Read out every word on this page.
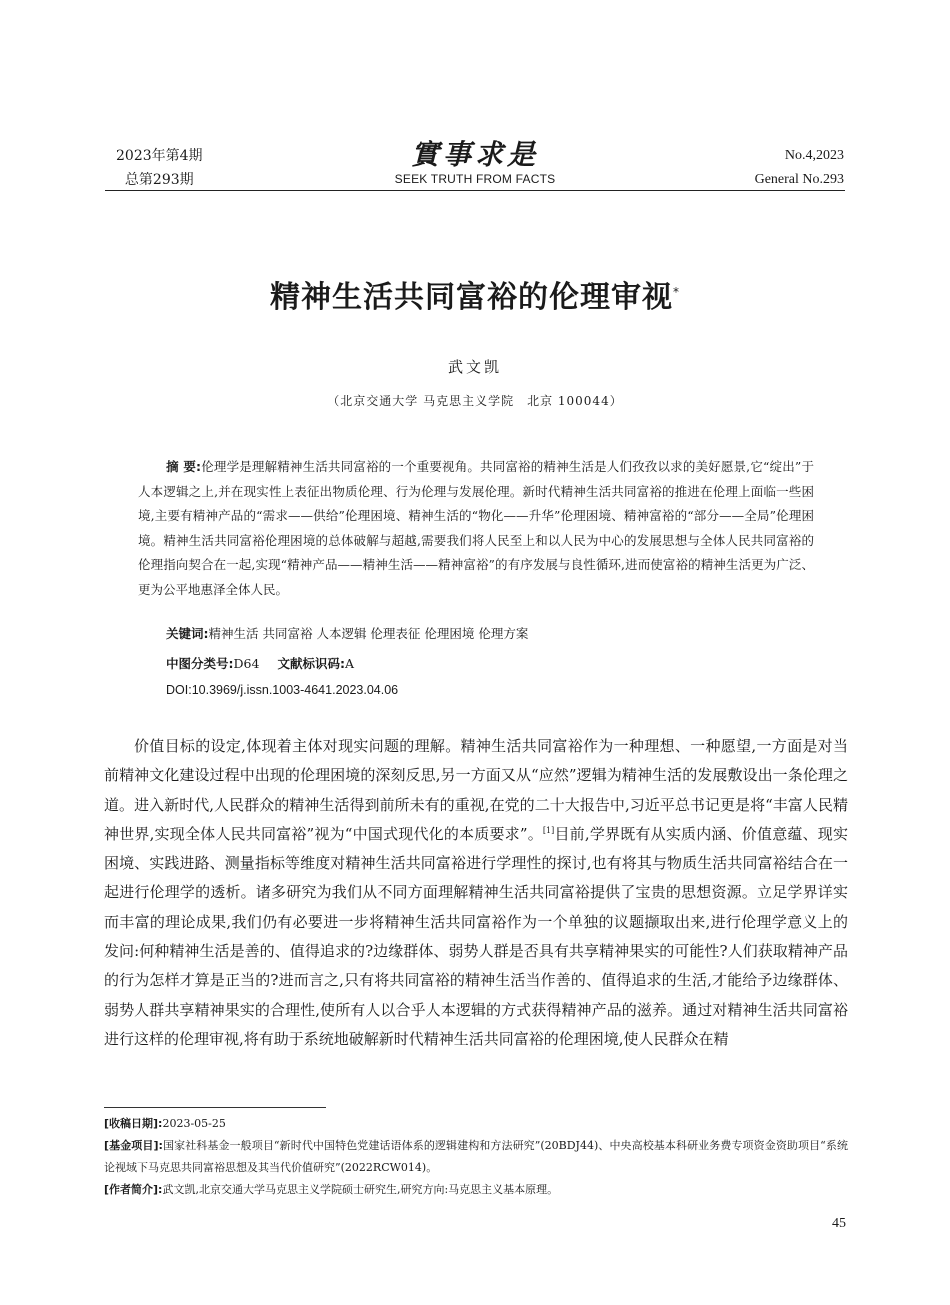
2023年第4期
总第293期
實事求是
SEEK TRUTH FROM FACTS
No.4,2023
General No.293
精神生活共同富裕的伦理审视*
武文凯
（北京交通大学 马克思主义学院　北京 100044）
摘 要:伦理学是理解精神生活共同富裕的一个重要视角。共同富裕的精神生活是人们孜孜以求的美好愿景,它“绽出”于人本逻辑之上,并在现实性上表征出物质伦理、行为伦理与发展伦理。新时代精神生活共同富裕的推进在伦理上面临一些困境,主要有精神产品的“需求——供给”伦理困境、精神生活的“物化——升华”伦理困境、精神富裕的“部分——全局”伦理困境。精神生活共同富裕伦理困境的总体破解与超越,需要我们将人民至上和以人民为中心的发展思想与全体人民共同富裕的伦理指向契合在一起,实现“精神产品——精神生活——精神富裕”的有序发展与良性循环,进而使富裕的精神生活更为广泛、更为公平地惠泽全体人民。
关键词:精神生活 共同富裕 人本逻辑 伦理表征 伦理困境 伦理方案
中图分类号:D64 文献标识码:A
DOI:10.3969/j.issn.1003-4641.2023.04.06
价值目标的设定,体现着主体对现实问题的理解。精神生活共同富裕作为一种理想、一种愿望,一方面是对当前精神文化建设过程中出现的伦理困境的深刻反思,另一方面又从“应然”逻辑为精神生活的发展敷设出一条伦理之道。进入新时代,人民群众的精神生活得到前所未有的重视,在党的二十大报告中,习近平总书记更是将“丰富人民精神世界,实现全体人民共同富裕”视为“中国式现代化的本质要求”。[1]目前,学界既有从实质内涵、价值意蕴、现实困境、实践进路、测量指标等维度对精神生活共同富裕进行学理性的探讨,也有将其与物质生活共同富裕结合在一起进行伦理学的透析。诸多研究为我们从不同方面理解精神生活共同富裕提供了宝贵的思想资源。立足学界详实而丰富的理论成果,我们仍有必要进一步将精神生活共同富裕作为一个单独的议题撷取出来,进行伦理学意义上的发问:何种精神生活是善的、值得追求的?边缘群体、弱势人群是否具有共享精神果实的可能性?人们获取精神产品的行为怎样才算是正当的?进而言之,只有将共同富裕的精神生活当作善的、值得追求的生活,才能给予边缘群体、弱势人群共享精神果实的合理性,使所有人以合乎人本逻辑的方式获得精神产品的滋养。通过对精神生活共同富裕进行这样的伦理审视,将有助于系统地破解新时代精神生活共同富裕的伦理困境,使人民群众在精

[收稿日期]:2023-05-25

[基金项目]:国家社科基金一般项目“新时代中国特色党建话语体系的逻辑建构和方法研究”(20BDJ44)、中央高校基本科研业务费专项资金资助项目“系统论视域下马克思共同富裕思想及其当代价值研究”(2022RCW014)。

[作者简介]:武文凯,北京交通大学马克思主义学院硕士研究生,研究方向:马克思主义基本原理。

45
